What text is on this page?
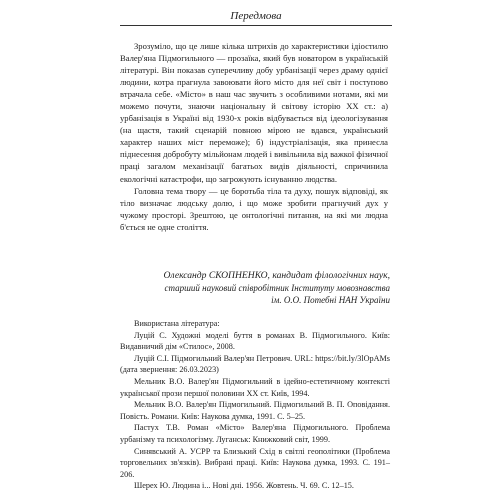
Передмова

Зрозуміло, що це лише кілька штрихів до характеристики ідіостилю Валер'яна Підмогильного — прозаїка, який був новатором в українській літературі. Він показав суперечливу добу урбанізації через драму однієї людини, котра прагнула завоювати його місто для неї світ і поступово втрачала себе. «Місто» в наш час звучить з особливими нотами, які ми можемо почути, знаючи національну й світову історію ХХ ст.: а) урбанізація в Україні від 1930-х років відбувається від ідеологізування (на щастя, такий сценарій повною мірою не вдався, український характер наших міст переможе); б) індустріалізація, яка принесла піднесення добробуту мільйонам людей і вивільнила від важкої фізичної праці загалом механізації багатьох видів діяльності, спричинила екологічні катастрофи, що загрожують існуванню людства.

Головна тема твору — це боротьба тіла та духу, пошук відповіді, як тіло визначає людську долю, і що може зробити прагнучий дух у чужому просторі. Зрештою, це онтологічні питання, на які ми людна б'ється не одне століття.

Олександр СКОПНЕНКО, кандидат філологічних наук,
старший науковий співробітник Інституту мовознавства
ім. О.О. Потебні НАН України
Використана література:
Луцій С. Художні моделі буття в романах В. Підмогильного. Київ: Видавничий дім «Стилос», 2008.
Луцій С.І. Підмогильний Валер'ян Петрович. URL: https://bit.ly/3lOpAMs (дата звернення: 26.03.2023)
Мельник В.О. Валер'ян Підмогильний в ідейно-естетичному контексті української прози першої половини ХХ ст. Київ, 1994.
Мельник В.О. Валер'ян Підмогильний. Підмогильний В. П. Оповідання. Повість. Романи. Київ: Наукова думка, 1991. С. 5–25.
Пастух Т.В. Роман «Місто» Валер'яна Підмогильного. Проблема урбанізму та психологізму. Луганськ: Книжковий світ, 1999.
Синявський А. УСРР та Близький Схід в світлі геополітики (Проблема торговельних зв'язків). Вибрані праці. Київ: Наукова думка, 1993. С. 191–206.
Шерех Ю. Людина і... Нові дні. 1956. Жовтень. Ч. 69. С. 12–15.
